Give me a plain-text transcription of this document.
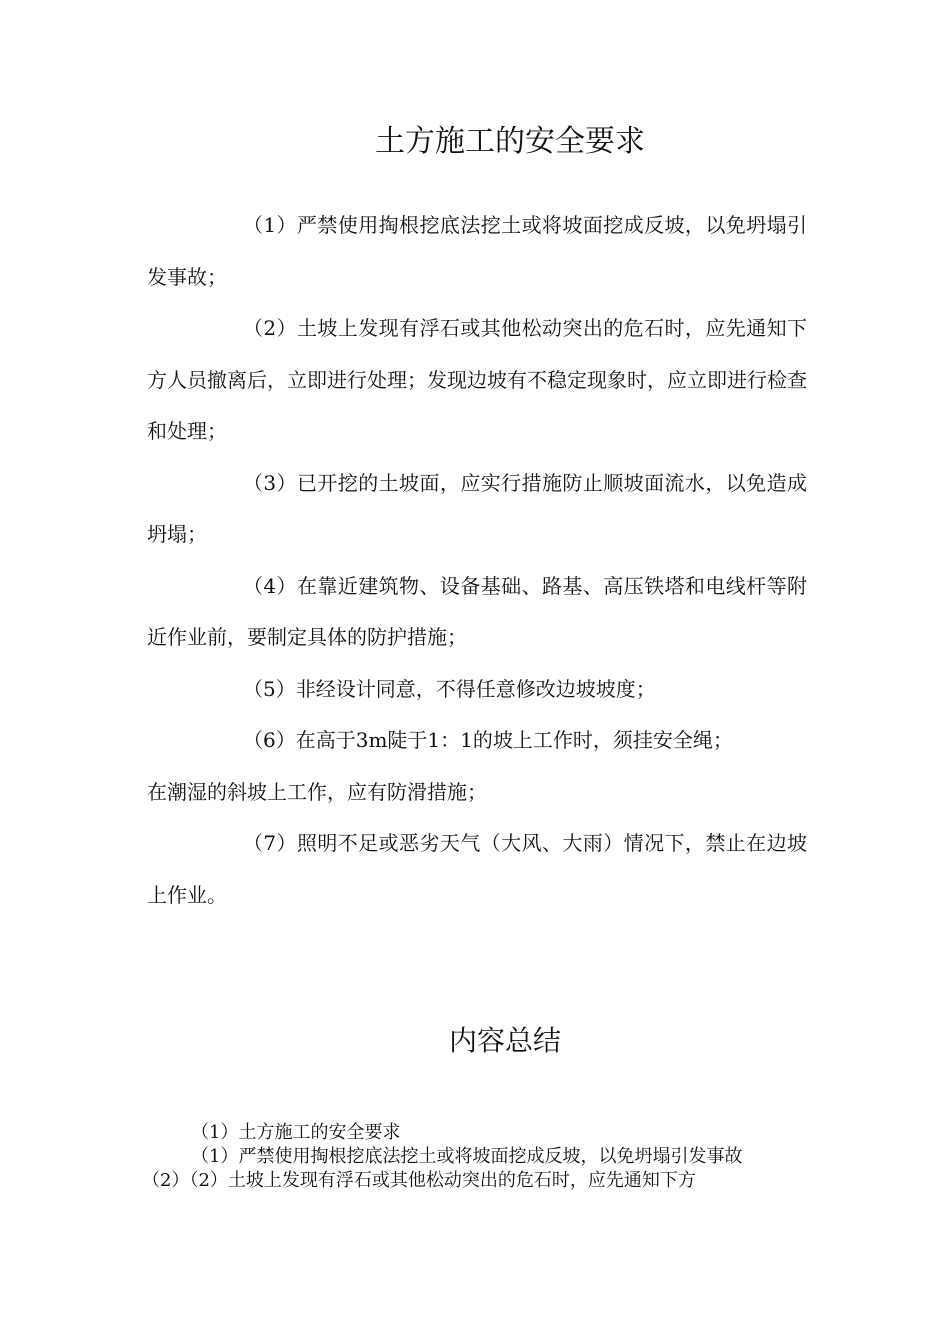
土方施工的安全要求

（1）严禁使用掏根挖底法挖土或将坡面挖成反坡，以免坍塌引发事故；

（2）土坡上发现有浮石或其他松动突出的危石时，应先通知下方人员撤离后，立即进行处理；发现边坡有不稳定现象时，应立即进行检查和处理；

（3）已开挖的土坡面，应实行措施防止顺坡面流水，以免造成坍塌；

（4）在靠近建筑物、设备基础、路基、高压铁塔和电线杆等附近作业前，要制定具体的防护措施；

（5）非经设计同意，不得任意修改边坡坡度；

（6）在高于3m陡于1：1的坡上工作时，须挂安全绳；

在潮湿的斜坡上工作，应有防滑措施；

（7）照明不足或恶劣天气（大风、大雨）情况下，禁止在边坡上作业。

内容总结

（1）土方施工的安全要求

（1）严禁使用掏根挖底法挖土或将坡面挖成反坡，以免坍塌引发事故

（2）（2）土坡上发现有浮石或其他松动突出的危石时，应先通知下方
